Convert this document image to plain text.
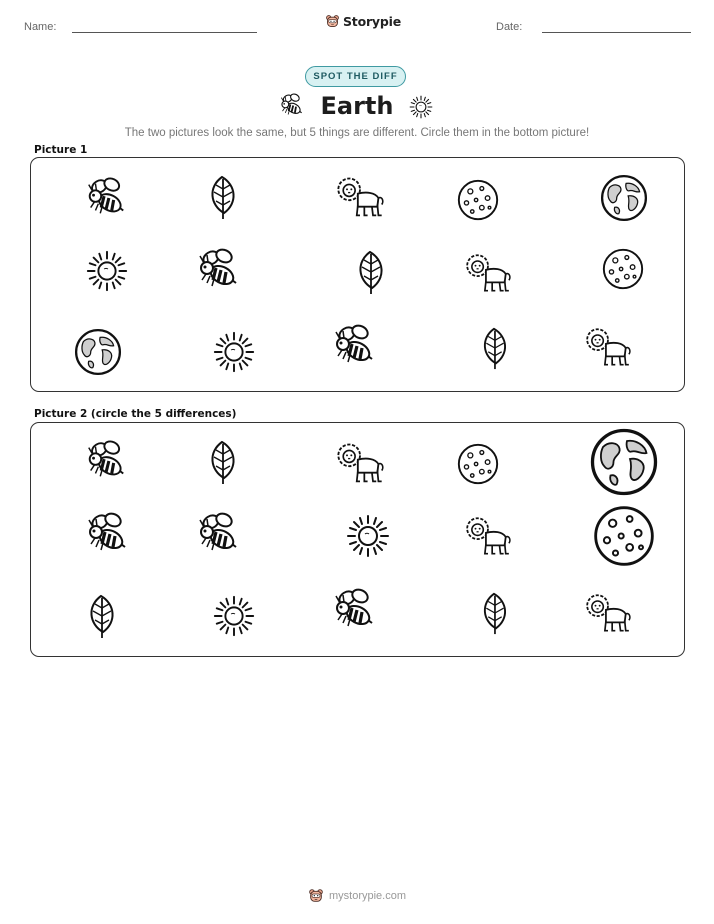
Name:	Storypie	Date:
SPOT THE DIFF
Earth
The two pictures look the same, but 5 things are different. Circle them in the bottom picture!
Picture 1
Picture 2 (circle the 5 differences)
mystorypie.com
